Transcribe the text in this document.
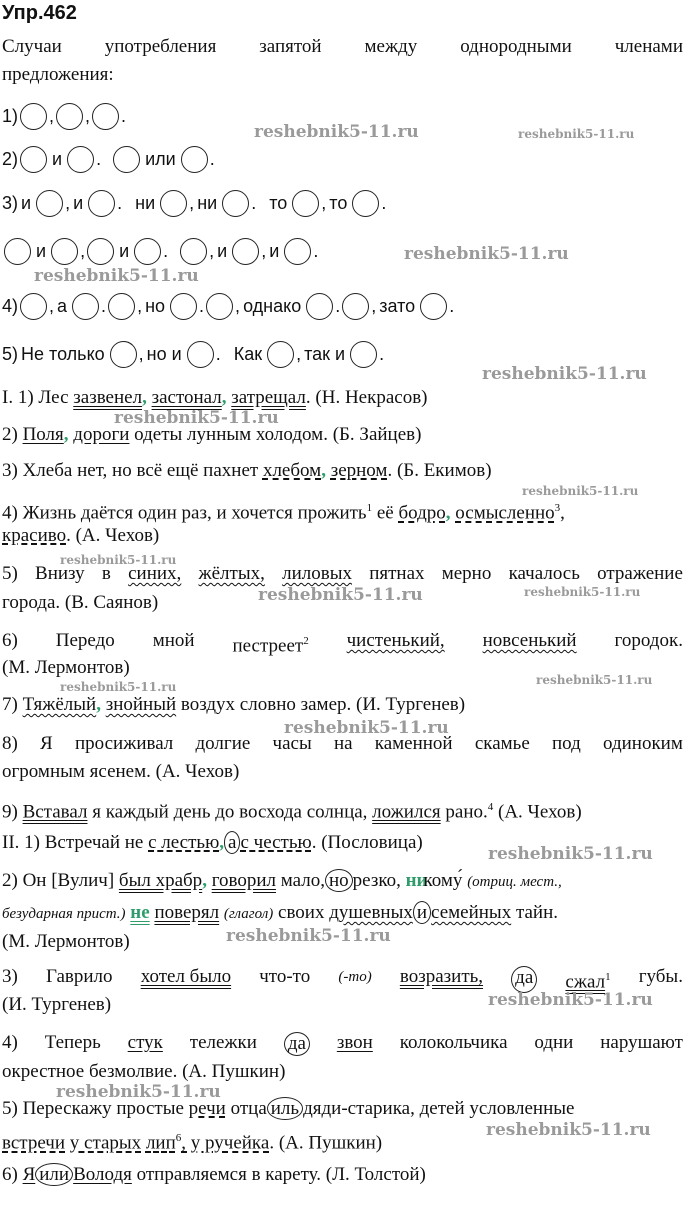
Упр.462
Случаи употребления запятой между однородными членами
предложения:
1) , , .
2) и . или .
3) и , и . ни , ни . то , то .
и , и .
, и , и .
4) , а .
, но .
, однако .
, зато .
5) Не только , но и . Как , так и .
I. 1) Лес зазвенел, застонал, затрещал. (Н. Некрасов)
2) Поля, дороги одеты лунным холодом. (Б. Зайцев)
3) Хлеба нет, но всё ещё пахнет хлебом, зерном. (Б. Екимов)
4) Жизнь даётся один раз, и хочется прожить$^1$ её бодро, осмысленно$^3$,
красиво. (А. Чехов)
5) Внизу в синих, жёлтых, лиловых пятнах мерно качалось отражение
города. (В. Саянов)
6) Передо мной пестреет$^2$ чистенький, новсенький городок.
(М. Лермонтов)
7) Тяжёлый, знойный воздух словно замер. (И. Тургенев)
8) Я просиживал долгие часы на каменной скамье под одиноким
огромным ясенем. (А. Чехов)
9) Вставал я каждый день до восхода солнца, ложился рано.$^4$ (А. Чехов)
II. 1) Встречай не с лестью, а с честью. (Пословица)
2) Он [Вулич] был храбр, говорил мало, но резко, никому́ (отриц. мест.,
безударная прист.) не поверял (глагол) своих душевных и семейных тайн.
(М. Лермонтов)
3) Гаврило хотел было что-то (-то) возразить, да сжал$^1$ губы.
(И. Тургенев)
4) Теперь стук тележки да звон колокольчика одни нарушают
окрестное безмолвие. (А. Пушкин)
5) Перескажу простые речи отца иль дяди-старика, детей условленные
встречи у старых лип$^6$, у ручейка. (А. Пушкин)
6) Я или Володя отправляемся в карету. (Л. Толстой)
reshebnik5-11.ru	reshebnik5-11.ru
reshebnik5-11.ru
reshebnik5-11.ru
reshebnik5-11.ru
reshebnik5-11.ru
reshebnik5-11.ru
reshebnik5-11.ru
reshebnik5-11.ru	reshebnik5-11.ru
reshebnik5-11.ru
reshebnik5-11.ru
reshebnik5-11.ru
reshebnik5-11.ru
reshebnik5-11.ru
reshebnik5-11.ru
reshebnik5-11.ru
reshebnik5-11.ru
